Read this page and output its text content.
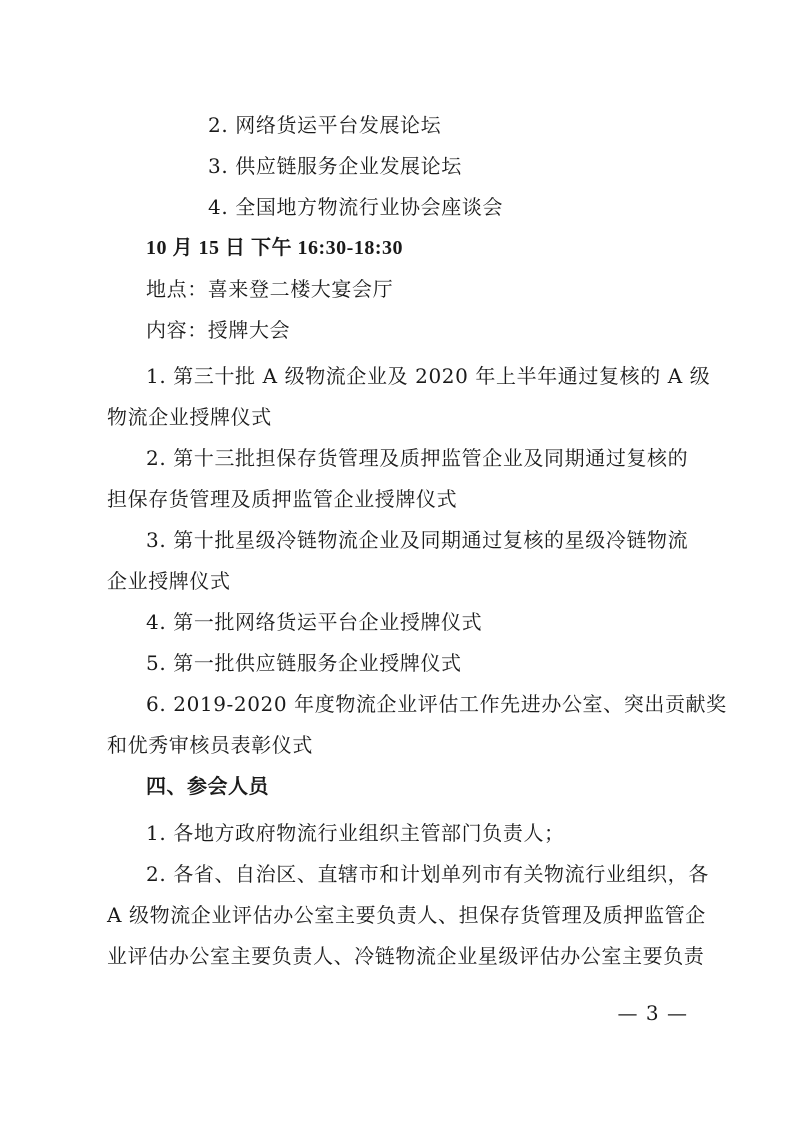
2. 网络货运平台发展论坛
3. 供应链服务企业发展论坛
4. 全国地方物流行业协会座谈会
10 月 15 日 下午 16:30-18:30
地点：喜来登二楼大宴会厅
内容：授牌大会
1. 第三十批 A 级物流企业及 2020 年上半年通过复核的 A 级
物流企业授牌仪式
2. 第十三批担保存货管理及质押监管企业及同期通过复核的
担保存货管理及质押监管企业授牌仪式
3. 第十批星级冷链物流企业及同期通过复核的星级冷链物流
企业授牌仪式
4. 第一批网络货运平台企业授牌仪式
5. 第一批供应链服务企业授牌仪式
6. 2019-2020 年度物流企业评估工作先进办公室、突出贡献奖
和优秀审核员表彰仪式
四、参会人员
1. 各地方政府物流行业组织主管部门负责人；
2. 各省、自治区、直辖市和计划单列市有关物流行业组织，各
A 级物流企业评估办公室主要负责人、担保存货管理及质押监管企
业评估办公室主要负责人、冷链物流企业星级评估办公室主要负责
— 3 —
